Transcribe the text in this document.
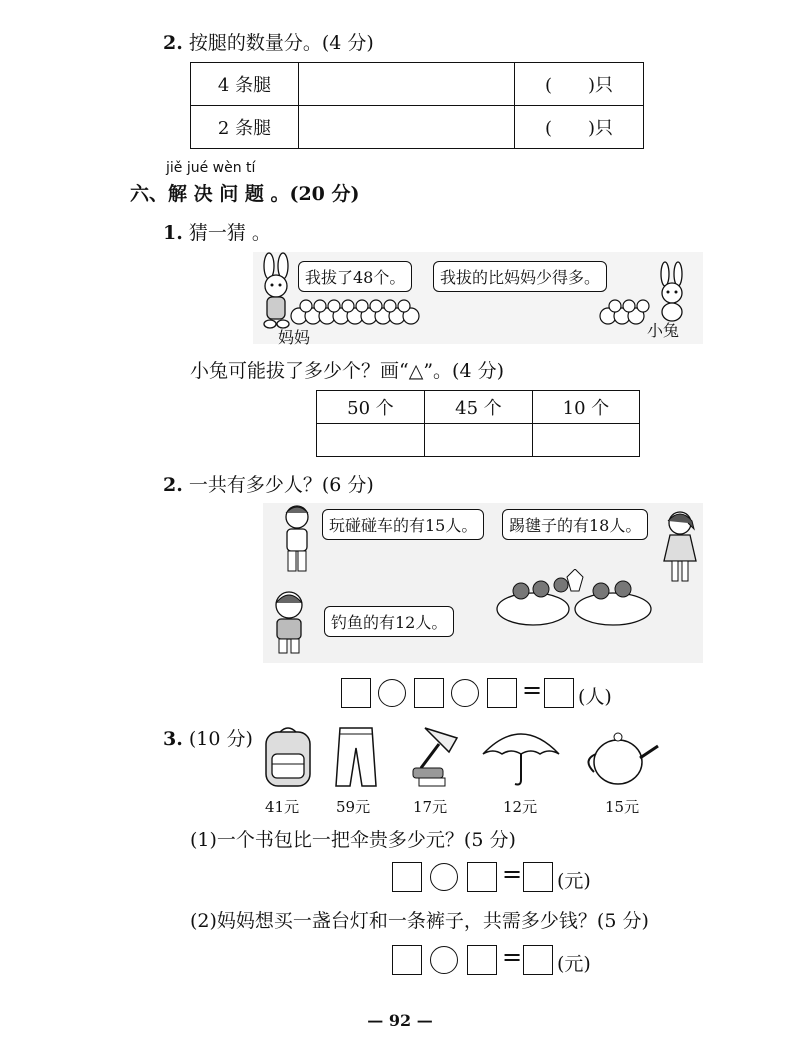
2. 按腿的数量分。(4 分)
4 条腿		(　　)只
2 条腿		(　　)只
jiě jué wèn tí
六、解 决 问 题 。(20 分)
1. 猜一猜 。
我拔了48个。	我拔的比妈妈少得多。
妈妈	小兔
小兔可能拔了多少个？画“△”。(4 分)
50 个	45 个	10 个

2. 一共有多少人？(6 分)
玩碰碰车的有15人。	踢毽子的有18人。
钓鱼的有12人。
= (人)
3. (10 分)
41元 59元	17元	12元	15元
(1)一个书包比一把伞贵多少元？(5 分)
= (元)
(2)妈妈想买一盏台灯和一条裤子，共需多少钱？(5 分)
= (元)
— 92 —
